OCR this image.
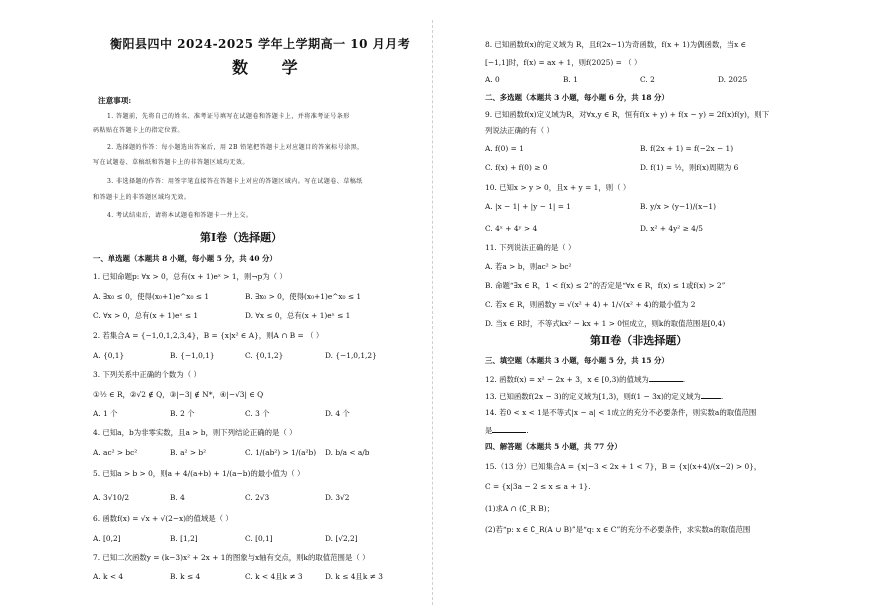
衡阳县四中 2024-2025 学年上学期高一 10 月月考
数 学
注意事项:
1. 答题前，先将自己的姓名、准考证号填写在试题卷和答题卡上，并将准考证号条形
码粘贴在答题卡上的指定位置。
2. 选择题的作答：每小题选出答案后，用 2B 铅笔把答题卡上对应题目的答案标号涂黑，
写在试题卷、草稿纸和答题卡上的非答题区域均无效。
3. 非选择题的作答：用签字笔直接答在答题卡上对应的答题区域内。写在试题卷、草稿纸
和答题卡上的非答题区域均无效。
4. 考试结束后，请将本试题卷和答题卡一并上交。
第Ⅰ卷（选择题）
一、单选题（本题共 8 小题，每小题 5 分，共 40 分）
1. 已知命题p: ∀x > 0，总有(x + 1)eˣ > 1，则¬p为（ ）
A. ∃x₀ ≤ 0，使得(x₀+1)e^x₀ ≤ 1	B. ∃x₀ > 0，使得(x₀+1)e^x₀ ≤ 1
C. ∀x > 0，总有(x + 1)eˣ ≤ 1	D. ∀x ≤ 0，总有(x + 1)eˣ ≤ 1
2. 若集合A = {−1,0,1,2,3,4}，B = {x|x² ∈ A}，则A ∩ B = （ ）
A. {0,1}	B. {−1,0,1}	C. {0,1,2}	D. {−1,0,1,2}
3. 下列关系中正确的个数为（ ）
①½ ∈ R，②√2 ∉ Q，③|−3| ∉ N*，④|−√3| ∈ Q
A. 1 个	B. 2 个	C. 3 个	D. 4 个
4. 已知a，b为非零实数，且a > b，则下列结论正确的是（ ）
A. ac² > bc²	B. a² > b²	C. 1/(ab²) > 1/(a²b) D. b/a < a/b
5. 已知a > b > 0，则a + 4/(a+b) + 1/(a−b)的最小值为（ ）
A. 3√10/2	B. 4	C. 2√3	D. 3√2
6. 函数f(x) = √x + √(2−x)的值域是（ ）
A. [0,2]	B. [1,2]	C. [0,1]	D. [√2,2]
7. 已知二次函数y = (k−3)x² + 2x + 1的图象与x轴有交点，则k的取值范围是（ ）
A. k < 4	B. k ≤ 4	C. k < 4且k ≠ 3	D. k ≤ 4且k ≠ 3
8. 已知函数f(x)的定义域为 R，且f(2x−1)为奇函数，f(x + 1)为偶函数，当x ∈
[−1,1]时，f(x) = ax + 1，则f(2025) = （ ）
A. 0	B. 1	C. 2	D. 2025
二、多选题（本题共 3 小题，每小题 6 分，共 18 分）
9. 已知函数f(x)定义域为R，对∀x,y ∈ R，恒有f(x + y) + f(x − y) = 2f(x)f(y)，则下
列说法正确的有（ ）
A. f(0) = 1	B. f(2x + 1) = f(−2x − 1)
C. f(x) + f(0) ≥ 0	D. f(1) = ½，则f(x)周期为 6
10. 已知x > y > 0，且x + y = 1，则（ ）
A. |x − 1| + |y − 1| = 1	B. y/x > (y−1)/(x−1)
C. 4ˣ + 4ʸ > 4	D. x² + 4y² ≥ 4/5
11. 下列说法正确的是（ ）
A. 若a > b，则ac² > bc²
B. 命题“∃x ∈ R，1 < f(x) ≤ 2”的否定是“∀x ∈ R，f(x) ≤ 1或f(x) > 2”
C. 若x ∈ R，则函数y = √(x² + 4) + 1/√(x² + 4)的最小值为 2
D. 当x ∈ R时，不等式kx² − kx + 1 > 0恒成立，则k的取值范围是[0,4)
第Ⅱ卷（非选择题）
三、填空题（本题共 3 小题，每小题 5 分，共 15 分）
12. 函数f(x) = x² − 2x + 3，x ∈ [0,3)的值域为	.
13. 已知函数f(2x − 3)的定义域为[1,3)，则f(1 − 3x)的定义域为	.
14. 若0 < x < 1是不等式|x − a| < 1成立的充分不必要条件，则实数a的取值范围
是	.
四、解答题（本题共 5 小题，共 77 分）
15.（13 分）已知集合A = {x|−3 < 2x + 1 < 7}，B = {x|(x+4)/(x−2) > 0}，
C = {x|3a − 2 ≤ x ≤ a + 1}.
(1)求A ∩ (∁_R B)；
(2)若“p: x ∈ ∁_R(A ∪ B)”是“q: x ∈ C”的充分不必要条件，求实数a的取值范围
